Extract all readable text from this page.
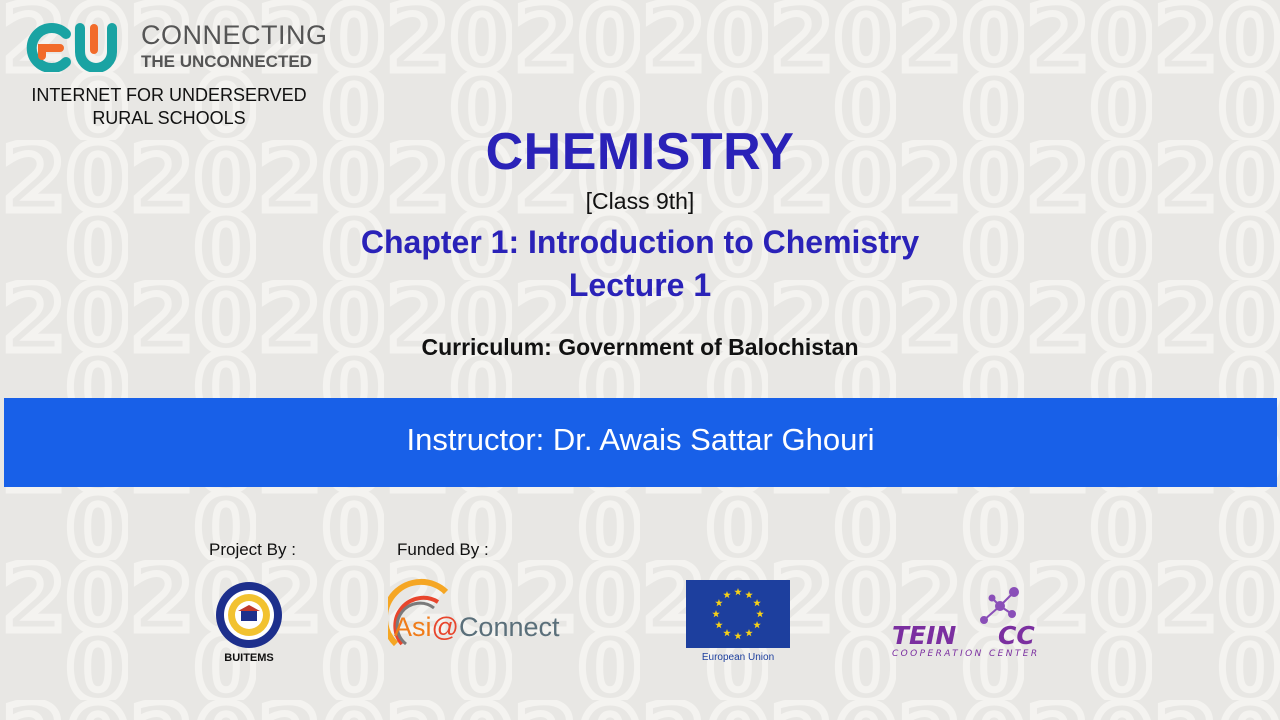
CONNECTING
THE UNCONNECTED
INTERNET FOR UNDERSERVED
RURAL SCHOOLS
CHEMISTRY
[Class 9th]
Chapter 1: Introduction to Chemistry
Lecture 1
Curriculum: Government of Balochistan
Instructor: Dr. Awais Sattar Ghouri
Project By :	Funded By :
BUITEMS
Asi@Connect
European Union
TEIN CC
COOPERATION CENTER
